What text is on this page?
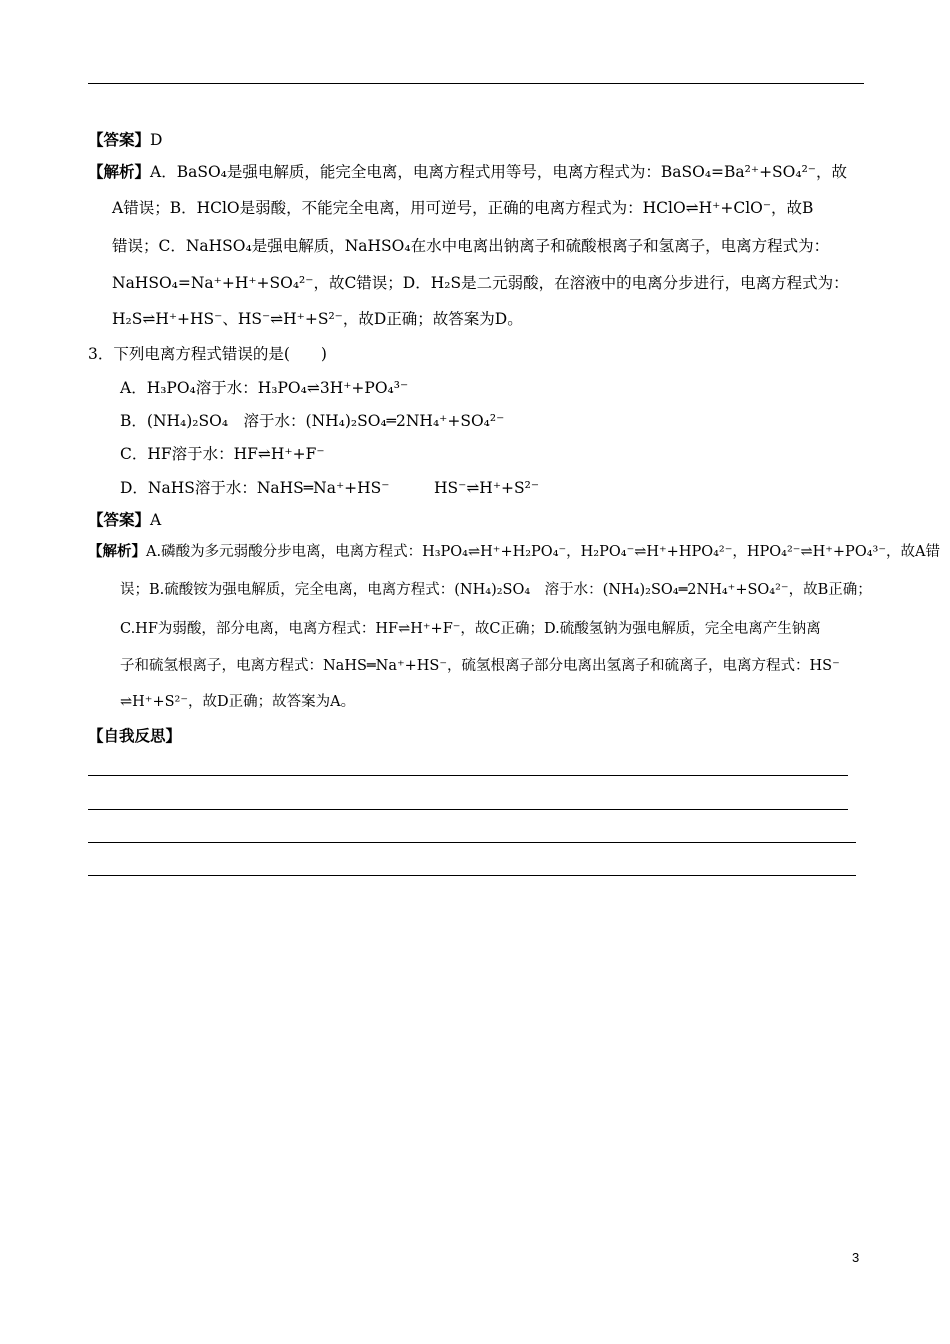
【答案】D
【解析】A．BaSO₄是强电解质，能完全电离，电离方程式用等号，电离方程式为：BaSO₄=Ba²⁺+SO₄²⁻，故
A错误；B．HClO是弱酸，不能完全电离，用可逆号，正确的电离方程式为：HClO⇌H⁺+ClO⁻，故B
错误；C．NaHSO₄是强电解质，NaHSO₄在水中电离出钠离子和硫酸根离子和氢离子，电离方程式为：
NaHSO₄=Na⁺+H⁺+SO₄²⁻，故C错误；D．H₂S是二元弱酸，在溶液中的电离分步进行，电离方程式为：
H₂S⇌H⁺+HS⁻、HS⁻⇌H⁺+S²⁻，故D正确；故答案为D。
3．下列电离方程式错误的是(　　)
A．H₃PO₄溶于水：H₃PO₄⇌3H⁺+PO₄³⁻
B．(NH₄)₂SO₄　溶于水：(NH₄)₂SO₄═2NH₄⁺+SO₄²⁻
C．HF溶于水：HF⇌H⁺+F⁻
D．NaHS溶于水：NaHS═Na⁺+HS⁻	HS⁻⇌H⁺+S²⁻
【答案】A
【解析】A.磷酸为多元弱酸分步电离，电离方程式：H₃PO₄⇌H⁺+H₂PO₄⁻，H₂PO₄⁻⇌H⁺+HPO₄²⁻，HPO₄²⁻⇌H⁺+PO₄³⁻，故A错
误；B.硫酸铵为强电解质，完全电离，电离方程式：(NH₄)₂SO₄　溶于水：(NH₄)₂SO₄═2NH₄⁺+SO₄²⁻，故B正确；
C.HF为弱酸，部分电离，电离方程式：HF⇌H⁺+F⁻，故C正确；D.硫酸氢钠为强电解质，完全电离产生钠离
子和硫氢根离子，电离方程式：NaHS═Na⁺+HS⁻，硫氢根离子部分电离出氢离子和硫离子，电离方程式：HS⁻
⇌H⁺+S²⁻，故D正确；故答案为A。
【自我反思】
3
